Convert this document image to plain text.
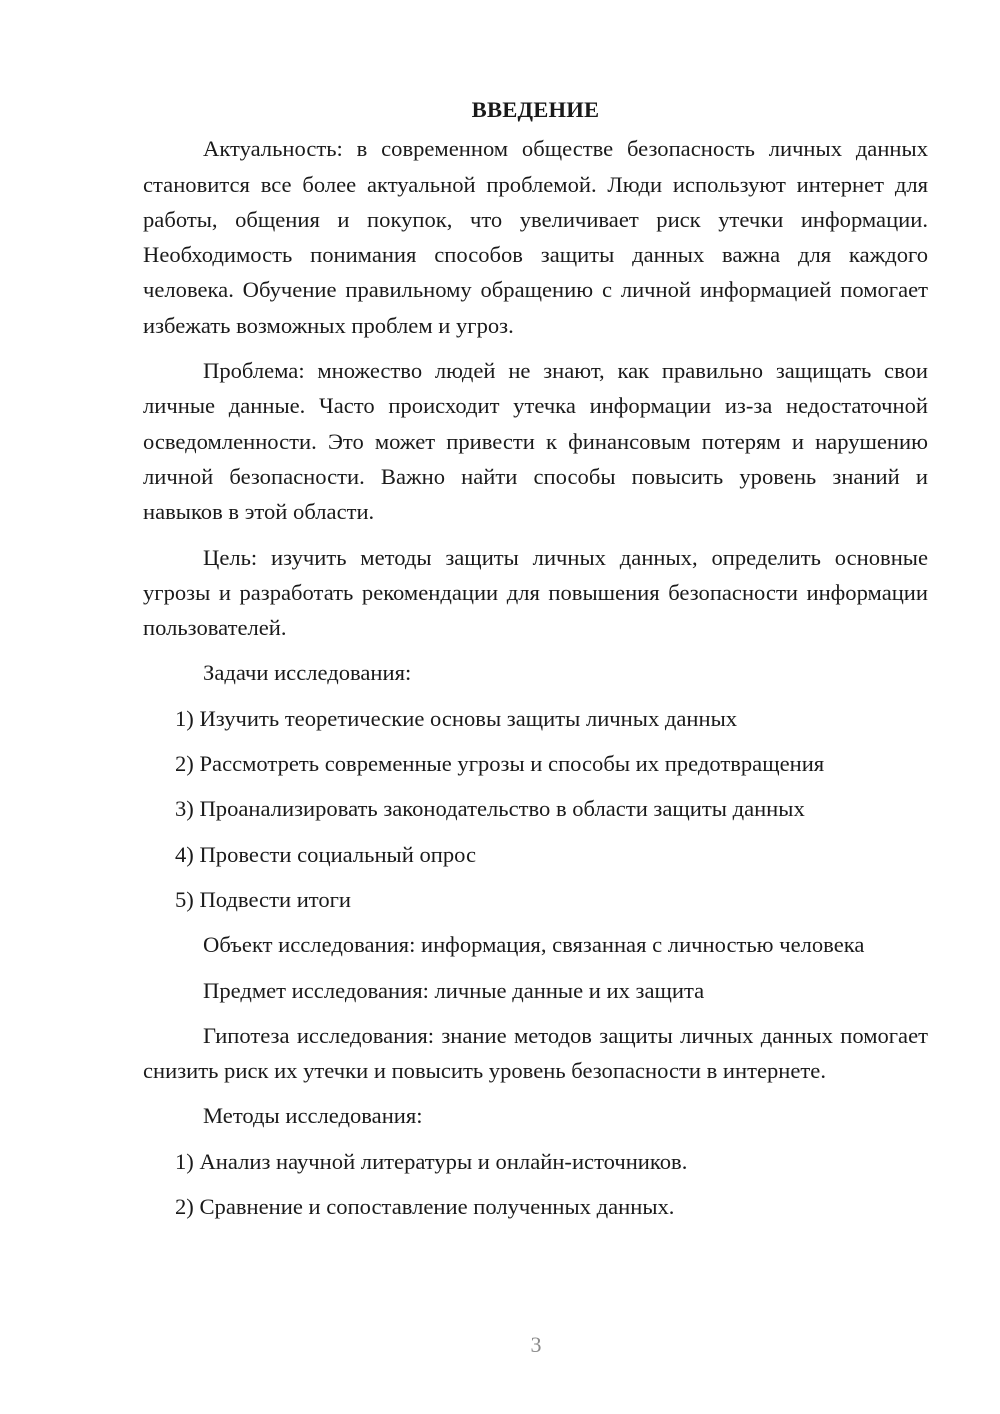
ВВЕДЕНИЕ

Актуальность: в современном обществе безопасность личных данных становится все более актуальной проблемой. Люди используют интернет для работы, общения и покупок, что увеличивает риск утечки информации. Необходимость понимания способов защиты данных важна для каждого человека. Обучение правильному обращению с личной информацией помогает избежать возможных проблем и угроз.

Проблема: множество людей не знают, как правильно защищать свои личные данные. Часто происходит утечка информации из-за недостаточной осведомленности. Это может привести к финансовым потерям и нарушению личной безопасности. Важно найти способы повысить уровень знаний и навыков в этой области.

Цель: изучить методы защиты личных данных, определить основные угрозы и разработать рекомендации для повышения безопасности информации пользователей.

Задачи исследования:

1) Изучить теоретические основы защиты личных данных

2) Рассмотреть современные угрозы и способы их предотвращения

3) Проанализировать законодательство в области защиты данных

4) Провести социальный опрос

5) Подвести итоги

Объект исследования: информация, связанная с личностью человека

Предмет исследования: личные данные и их защита

Гипотеза исследования: знание методов защиты личных данных помогает снизить риск их утечки и повысить уровень безопасности в интернете.

Методы исследования:

1) Анализ научной литературы и онлайн-источников.

2) Сравнение и сопоставление полученных данных.

3
